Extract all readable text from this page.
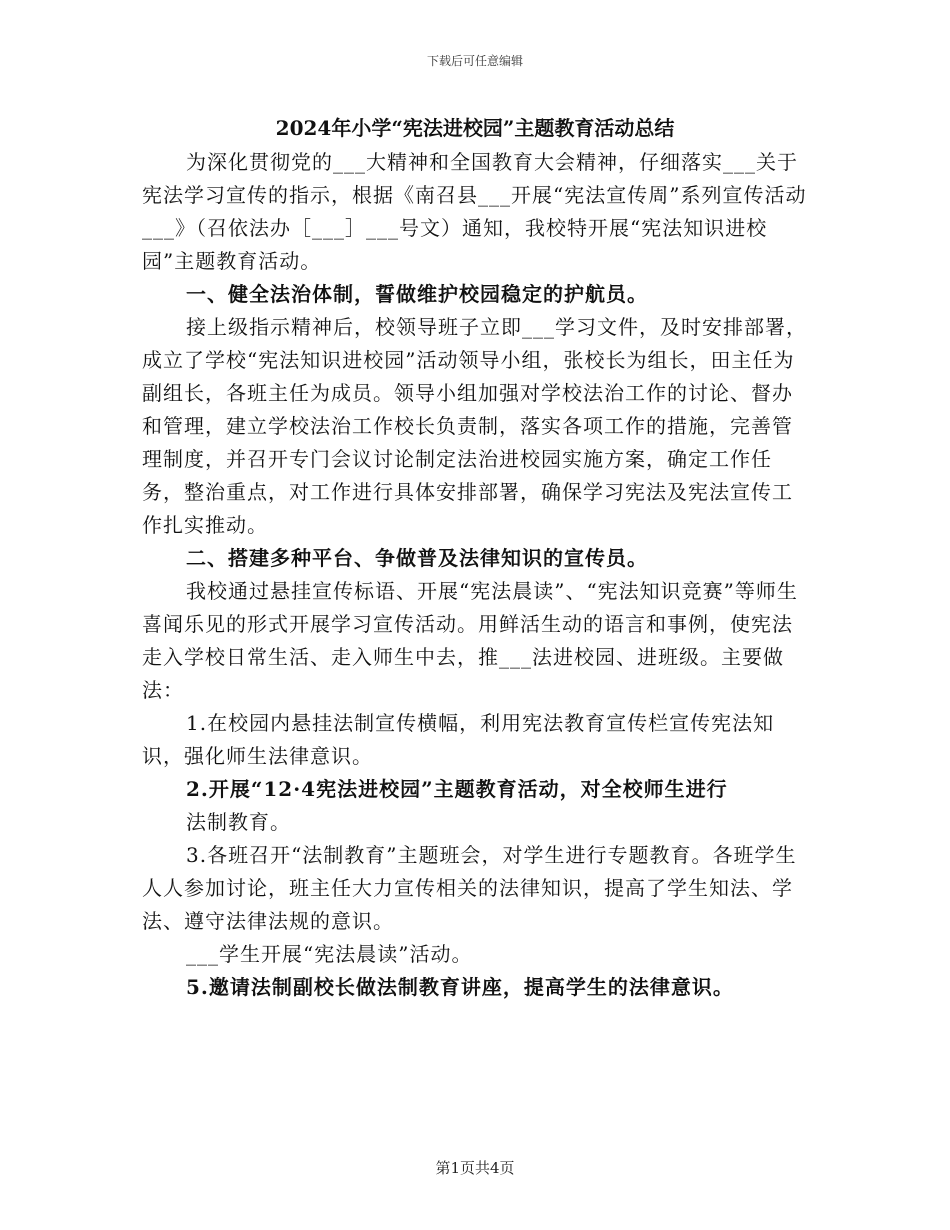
下载后可任意编辑
2024年小学“宪法进校园”主题教育活动总结

为深化贯彻党的___大精神和全国教育大会精神，仔细落实___关于宪法学习宣传的指示，根据《南召县___开展“宪法宣传周”系列宣传活动___》（召依法办［___］___号文）通知，我校特开展“宪法知识进校园”主题教育活动。

一、健全法治体制，誓做维护校园稳定的护航员。

接上级指示精神后，校领导班子立即___学习文件，及时安排部署，成立了学校“宪法知识进校园”活动领导小组，张校长为组长，田主任为副组长，各班主任为成员。领导小组加强对学校法治工作的讨论、督办和管理，建立学校法治工作校长负责制，落实各项工作的措施，完善管理制度，并召开专门会议讨论制定法治进校园实施方案，确定工作任务，整治重点，对工作进行具体安排部署，确保学习宪法及宪法宣传工作扎实推动。

二、搭建多种平台、争做普及法律知识的宣传员。

我校通过悬挂宣传标语、开展“宪法晨读”、“宪法知识竞赛”等师生喜闻乐见的形式开展学习宣传活动。用鲜活生动的语言和事例，使宪法走入学校日常生活、走入师生中去，推___法进校园、进班级。主要做法：

1.在校园内悬挂法制宣传横幅，利用宪法教育宣传栏宣传宪法知识，强化师生法律意识。

2.开展“12·4宪法进校园”主题教育活动，对全校师生进行

法制教育。

3.各班召开“法制教育”主题班会，对学生进行专题教育。各班学生人人参加讨论，班主任大力宣传相关的法律知识，提高了学生知法、学法、遵守法律法规的意识。

___学生开展“宪法晨读”活动。

5.邀请法制副校长做法制教育讲座，提高学生的法律意识。

第1页共4页
